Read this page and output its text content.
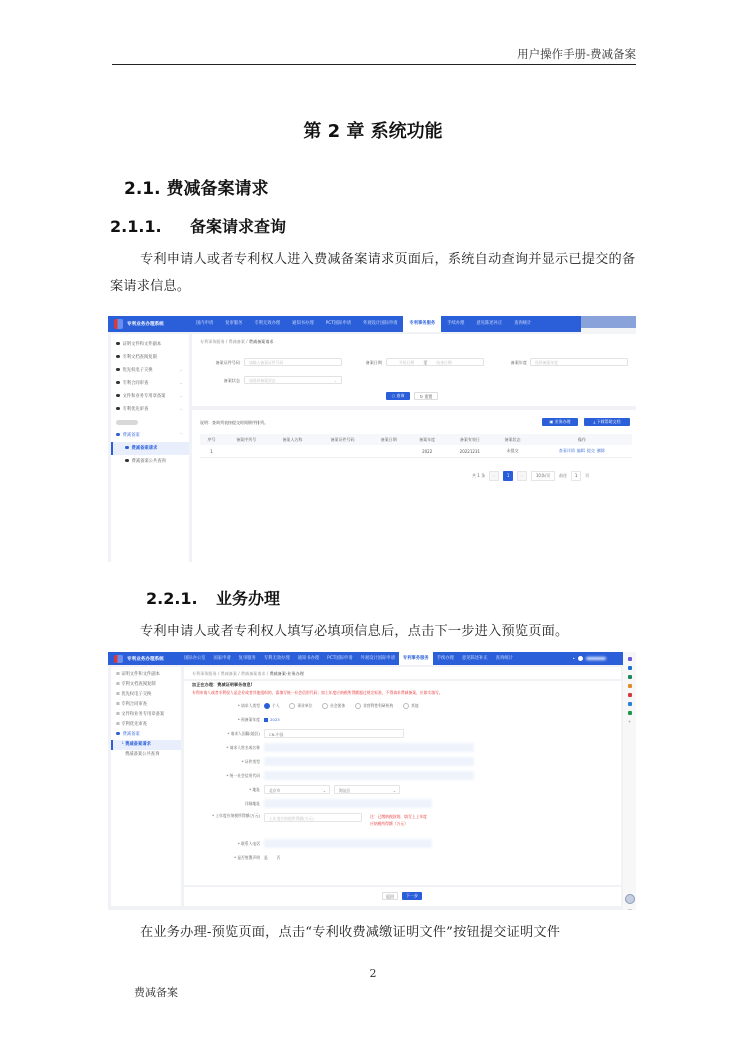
用户操作手册-费减备案
第 2 章 系统功能
2.1. 费减备案请求
2.1.1. 备案请求查询
专利申请人或者专利权人进入费减备案请求页面后，系统自动查询并显示已提交的备案请求信息。
专利业务办理系统	国内申请	复审服务	专利无效办理	通知书办理	PCT国际申请	外观设计国际申请	专利事务服务	手续办理	意见陈述补正	查询统计
证明文件和文件副本
专利文档查阅复制
优先权电子交换	⌄
专利合同审查	⌄
文件和业务专用章备案	⌄
专利优先审查	⌄
费减备案	⌃
费减备案请求
费减备案公共查询
专利事务服务 / 费减备案 / 费减备案请求
备案证件号码	请输入备案证件号码	备案日期	开始日期 至 结束日期	备案年度	选择备案年度
备案状态	请选择备案状态	⌄
○ 查询	↻ 重置
说明：查询列表按提交时间倒序排列。	▣ 业务办理	⤓ 下载帮助文档
序号	备案序列号	备案人名称	备案证件号码	备案日期	备案年度	备案有效日	备案状态	操作
1					2022	20221231	未提交	查看详情 编辑 提交 删除
共 1 条	‹	1	›	10条/页	前往	1	页
2.2.1. 业务办理
专利申请人或者专利权人填写必填项信息后，点击下一步进入预览页面。
专利业务办理系统	国际办公室	国家申请	复审服务	专利无效办理	通知书办理	PCT国际申请	外观设计国际申请	专利事务服务	手续办理	意见陈述补正	查询统计	•
+
☰ 证明文件和文件副本
☰ 专利文档查阅复制
☰ 优先权电子交换
☰ 专利合同审查
☰ 文件和业务专用章备案
☰ 专利优先审查
费减备案
└ 费减备案请求
费减备案公共查询
专利事务服务 / 费减备案 / 费减备案请求 / 费减备案-业务办理
加正在办理：费减证明事务信息!
专利申请人或者专利权人是企业或者其他组织的，需填写统一社会信用代码；如上年度应纳税所得额超过规定标准，不得请求费减备案，应如实填写。
* 请求人类型	个人	事业单位	社会团体	非营利性科研机构	其他
* 预备案年度	2023
* 请求人国籍(地区)	CN-中国
* 请求人姓名或名称
* 证件类型
* 统一社会信用代码
* 地址	北京市	⌄	海淀区	⌄
详细地址
* 上年度应纳税所得额(万元)
上年度应纳税所得额(万元)	注：已缴纳税款的，填写上上年度应纳税所得额（万元）
* 联系人电话
* 是否签署声明 是 否
返回	下一步
在业务办理-预览页面，点击“专利收费减缴证明文件”按钮提交证明文件
2
费减备案
